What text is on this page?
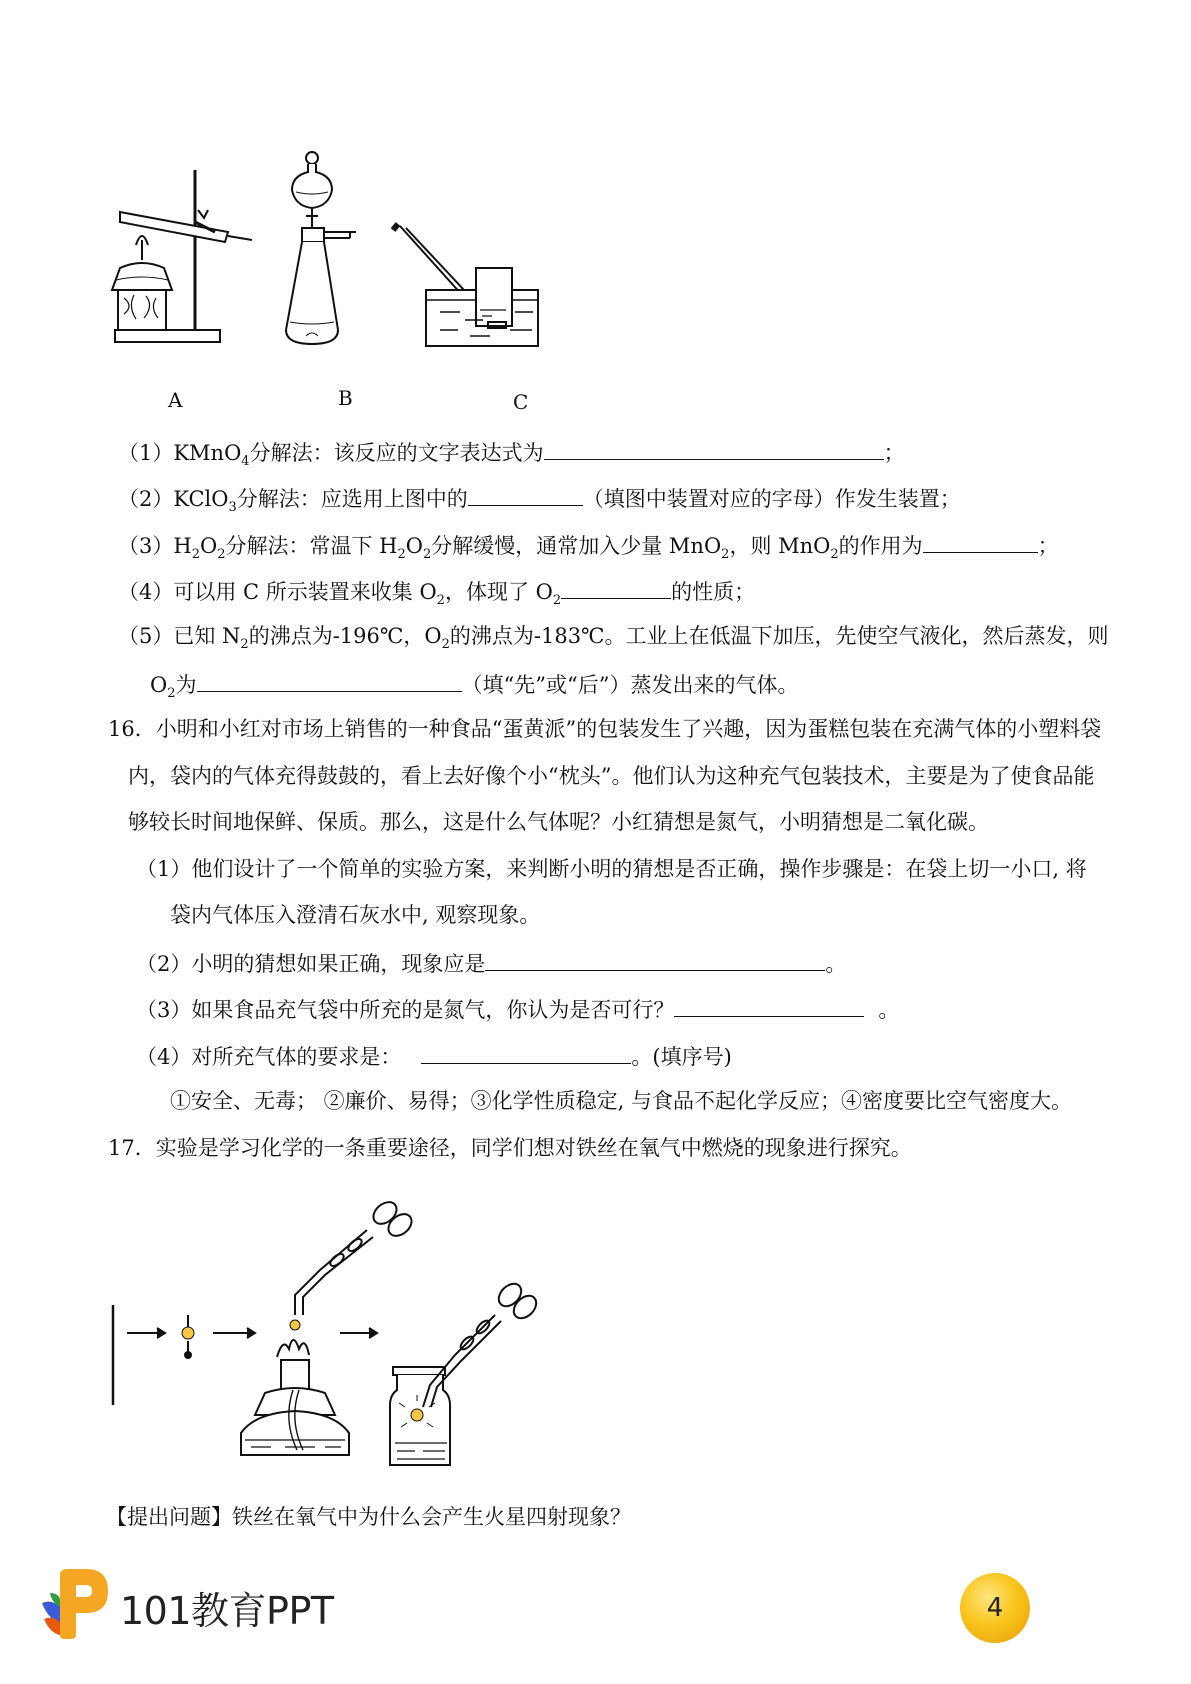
A	B	C
（1）KMnO$_4$分解法：该反应的文字表达式为	；
（2）KClO$_3$分解法：应选用上图中的	（填图中装置对应的字母）作发生装置；
$(3)H_2O_2$分解法：常温下 $H_2O_2$分解缓慢，通常加入少量 MnO$_2$，则 MnO$_2$的作用为	；
（4）可以用 C 所示装置来收集 $O_2$，体现了 $O_2$	的性质；
（5）已知 $N_2$的沸点为-196℃，$O_2$的沸点为-183℃。工业上在低温下加压，先使空气液化，然后蒸发，则
$O_2$为	（填“先”或“后”）蒸发出来的气体。
16．小明和小红对市场上销售的一种食品“蛋黄派”的包装发生了兴趣，因为蛋糕包装在充满气体的小塑料袋
内，袋内的气体充得鼓鼓的，看上去好像个小“枕头”。他们认为这种充气包装技术，主要是为了使食品能
够较长时间地保鲜、保质。那么，这是什么气体呢？小红猜想是氮气，小明猜想是二氧化碳。
（1）他们设计了一个简单的实验方案，来判断小明的猜想是否正确，操作步骤是：在袋上切一小口, 将
袋内气体压入澄清石灰水中, 观察现象。
（2）小明的猜想如果正确，现象应是	。
（3）如果食品充气袋中所充的是氮气，你认为是否可行？	。
（4）对所充气体的要求是：	。(填序号)
①安全、无毒； ②廉价、易得；③化学性质稳定, 与食品不起化学反应；④密度要比空气密度大。
17．实验是学习化学的一条重要途径，同学们想对铁丝在氧气中燃烧的现象进行探究。
【提出问题】铁丝在氧气中为什么会产生火星四射现象？
101教育PPT	4
